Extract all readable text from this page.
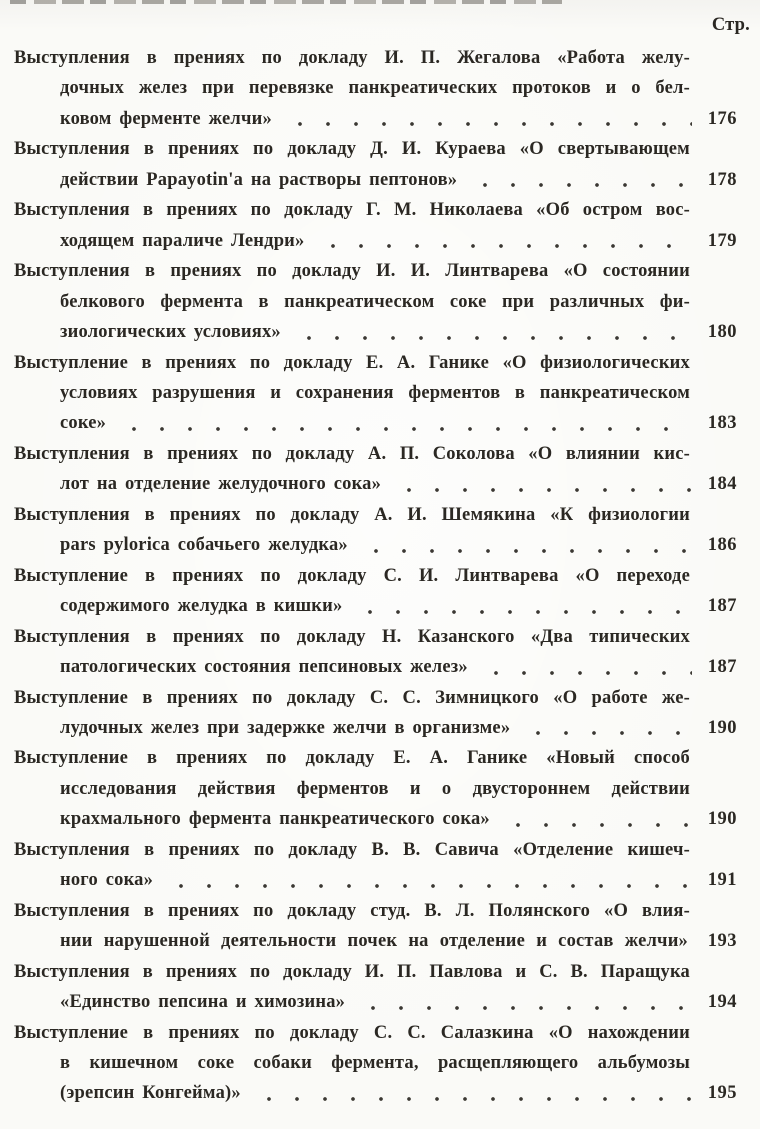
Стр.
Выступления в прениях по докладу И. П. Жегалова «Работа желу-
дочных желез при перевязке панкреатических протоков и о бел-
ковом ферменте желчи»	176
Выступления в прениях по докладу Д. И. Кураева «О свертывающем
действии Papayotin'а на растворы пептонов»	178
Выступления в прениях по докладу Г. М. Николаева «Об остром вос-
ходящем параличе Лендри»	179
Выступления в прениях по докладу И. И. Линтварева «О состоянии
белкового фермента в панкреатическом соке при различных фи-
зиологических условиях»	180
Выступление в прениях по докладу Е. А. Ганике «О физиологических
условиях разрушения и сохранения ферментов в панкреатическом
соке»	183
Выступления в прениях по докладу А. П. Соколова «О влиянии кис-
лот на отделение желудочного сока»	184
Выступления в прениях по докладу А. И. Шемякина «К физиологии
pars pylorica собачьего желудка»	186
Выступление в прениях по докладу С. И. Линтварева «О переходе
содержимого желудка в кишки»	187
Выступления в прениях по докладу Н. Казанского «Два типических
патологических состояния пепсиновых желез»	187
Выступление в прениях по докладу С. С. Зимницкого «О работе же-
лудочных желез при задержке желчи в организме»	190
Выступление в прениях по докладу Е. А. Ганике «Новый способ
исследования действия ферментов и о двустороннем действии
крахмального фермента панкреатического сока»	190
Выступления в прениях по докладу В. В. Савича «Отделение кишеч-
ного сока»	191
Выступления в прениях по докладу студ. В. Л. Полянского «О влия-
нии нарушенной деятельности почек на отделение и состав желчи»	193
Выступления в прениях по докладу И. П. Павлова и С. В. Паращука
«Единство пепсина и химозина»	194
Выступление в прениях по докладу С. С. Салазкина «О нахождении
в кишечном соке собаки фермента, расщепляющего альбумозы
(эрепсин Конгейма)»	195
